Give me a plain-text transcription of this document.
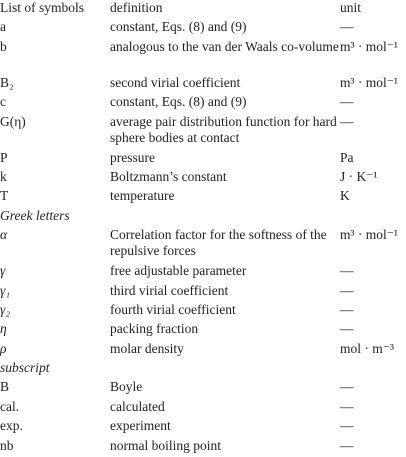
List of symbols	definition	unit
a	constant, Eqs. (8) and (9)	—
b	analogous to the van der Waals co-volume	m³ · mol⁻¹
B₂	second virial coefficient	m³ · mol⁻¹
c	constant, Eqs. (8) and (9)	—
G(η)	average pair distribution function for hard sphere bodies at contact	—
P	pressure	Pa
k	Boltzmann’s constant	J · K⁻¹
T	temperature	K
Greek letters		
α	Correlation factor for the softness of the repulsive forces	m³ · mol⁻¹
γ	free adjustable parameter	—
γ₁	third virial coefficient	—
γ₂	fourth virial coefficient	—
η	packing fraction	—
ρ	molar density	mol · m⁻³
subscript		
B	Boyle	—
cal.	calculated	—
exp.	experiment	—
nb	normal boiling point	—
